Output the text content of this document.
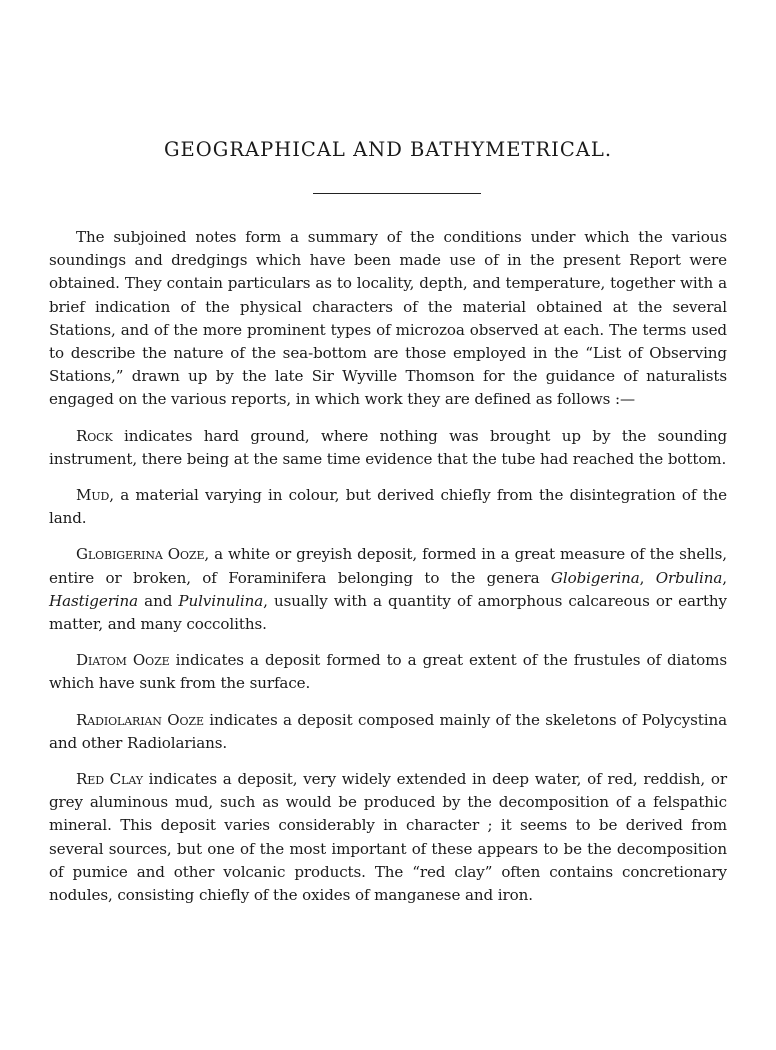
GEOGRAPHICAL AND BATHYMETRICAL.

The subjoined notes form a summary of the conditions under which the various soundings and dredgings which have been made use of in the present Report were obtained. They contain particulars as to locality, depth, and temperature, together with a brief indication of the physical characters of the material obtained at the several Stations, and of the more prominent types of microzoa observed at each. The terms used to describe the nature of the sea-bottom are those employed in the “List of Observing Stations,” drawn up by the late Sir Wyville Thomson for the guidance of naturalists engaged on the various reports, in which work they are defined as follows :—

Rock indicates hard ground, where nothing was brought up by the sounding instrument, there being at the same time evidence that the tube had reached the bottom.

Mud, a material varying in colour, but derived chiefly from the disintegration of the land.

Globigerina Ooze, a white or greyish deposit, formed in a great measure of the shells, entire or broken, of Foraminifera belonging to the genera Globigerina, Orbulina, Hastigerina and Pulvinulina, usually with a quantity of amorphous calcareous or earthy matter, and many coccoliths.

Diatom Ooze indicates a deposit formed to a great extent of the frustules of diatoms which have sunk from the surface.

Radiolarian Ooze indicates a deposit composed mainly of the skeletons of Polycystina and other Radiolarians.

Red Clay indicates a deposit, very widely extended in deep water, of red, reddish, or grey aluminous mud, such as would be produced by the decomposition of a felspathic mineral. This deposit varies considerably in character ; it seems to be derived from several sources, but one of the most important of these appears to be the decomposition of pumice and other volcanic products. The “red clay” often contains concretionary nodules, consisting chiefly of the oxides of manganese and iron.
